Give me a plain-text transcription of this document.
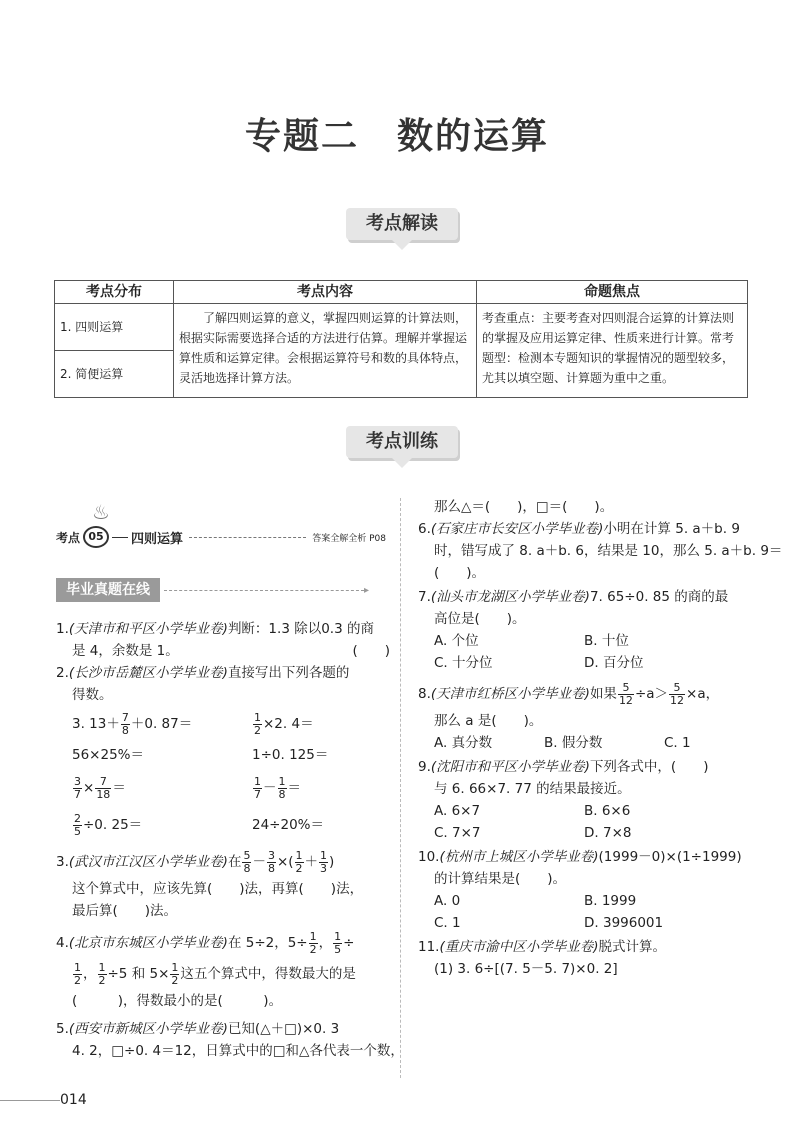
专题二　数的运算
考点解读
考点分布	考点内容	命题焦点
1. 四则运算	了解四则运算的意义，掌握四则运算的计算法则，根据实际需要选择合适的方法进行估算。理解并掌握运算性质和运算定律。会根据运算符号和数的具体特点，灵活地选择计算方法。	考查重点：主要考查对四则混合运算的计算法则的掌握及应用运算定律、性质来进行计算。常考题型：检测本专题知识的掌握情况的题型较多，尤其以填空题、计算题为重中之重。
2. 简便运算		
考点训练
考点 05	四则运算	答案全解全析 P08
♨
毕业真题在线	▸
1.(天津市和平区小学毕业卷)判断：1.3 除以0.3 的商
是 4，余数是 1。	(　　)
2.(长沙市岳麓区小学毕业卷)直接写出下列各题的
得数。
3. $13+ \frac{7}{8} +0$. 87＝	$\frac{1}{2} \times 2$. 4＝
56×25%＝	1÷0. 125＝
$\frac{3}{7} \times \frac{7}{18}$ ＝	$\frac{1}{7} - \frac{1}{8}$ ＝
$\frac{2}{5} \div 0$. 25＝	24÷20%＝
3. (武汉市江汉区小学毕业卷) 在 $\frac{5}{8} - \frac{3}{8}$ × ( $\frac{1}{2} + \frac{1}{3}$ )
这个算式中，应该先算(　　)法，再算(　　)法，
最后算(　　)法。
4. (北京市东城区小学毕业卷) 在 5÷2，$5\div \frac{1}{2}$ ， $\frac{1}{5}$ ÷
$\frac{1}{2}$ ， $\frac{1}{2} \div 5$ 和 $5\times \frac{1}{2}$ 这五个算式中，得数最大的是
(　　　)，得数最小的是(　　　)。
5.(西安市新城区小学毕业卷)已知(△＋□)×0. 3
4. 2，□÷0. 4＝12，日算式中的□和△各代表一个数，
那么△＝(　　)，□＝(　　)。
6.(石家庄市长安区小学毕业卷)小明在计算 5. a＋b. 9
时，错写成了 8. a＋b. 6，结果是 10，那么 5. a＋b. 9＝
(　　)。
7.(汕头市龙湖区小学毕业卷)7. 65÷0. 85 的商的最
高位是(　　)。
A. 个位	B. 十位
C. 十分位	D. 百分位
8. (天津市红桥区小学毕业卷) 如果 $\frac{5}{12} \div a> \frac{5}{12} \times a$，
那么 a 是(　　)。
A. 真分数	B. 假分数	C. 1
9.(沈阳市和平区小学毕业卷)下列各式中，(　　)
与 6. 66×7. 77 的结果最接近。
A. 6×7	B. 6×6
C. 7×7	D. 7×8
10.(杭州市上城区小学毕业卷)(1999－0)×(1÷1999)
的计算结果是(　　)。
A. 0	B. 1999
C. 1	D. 3996001
11.(重庆市渝中区小学毕业卷)脱式计算。
(1) 3. 6÷[(7. 5－5. 7)×0. 2]
014
